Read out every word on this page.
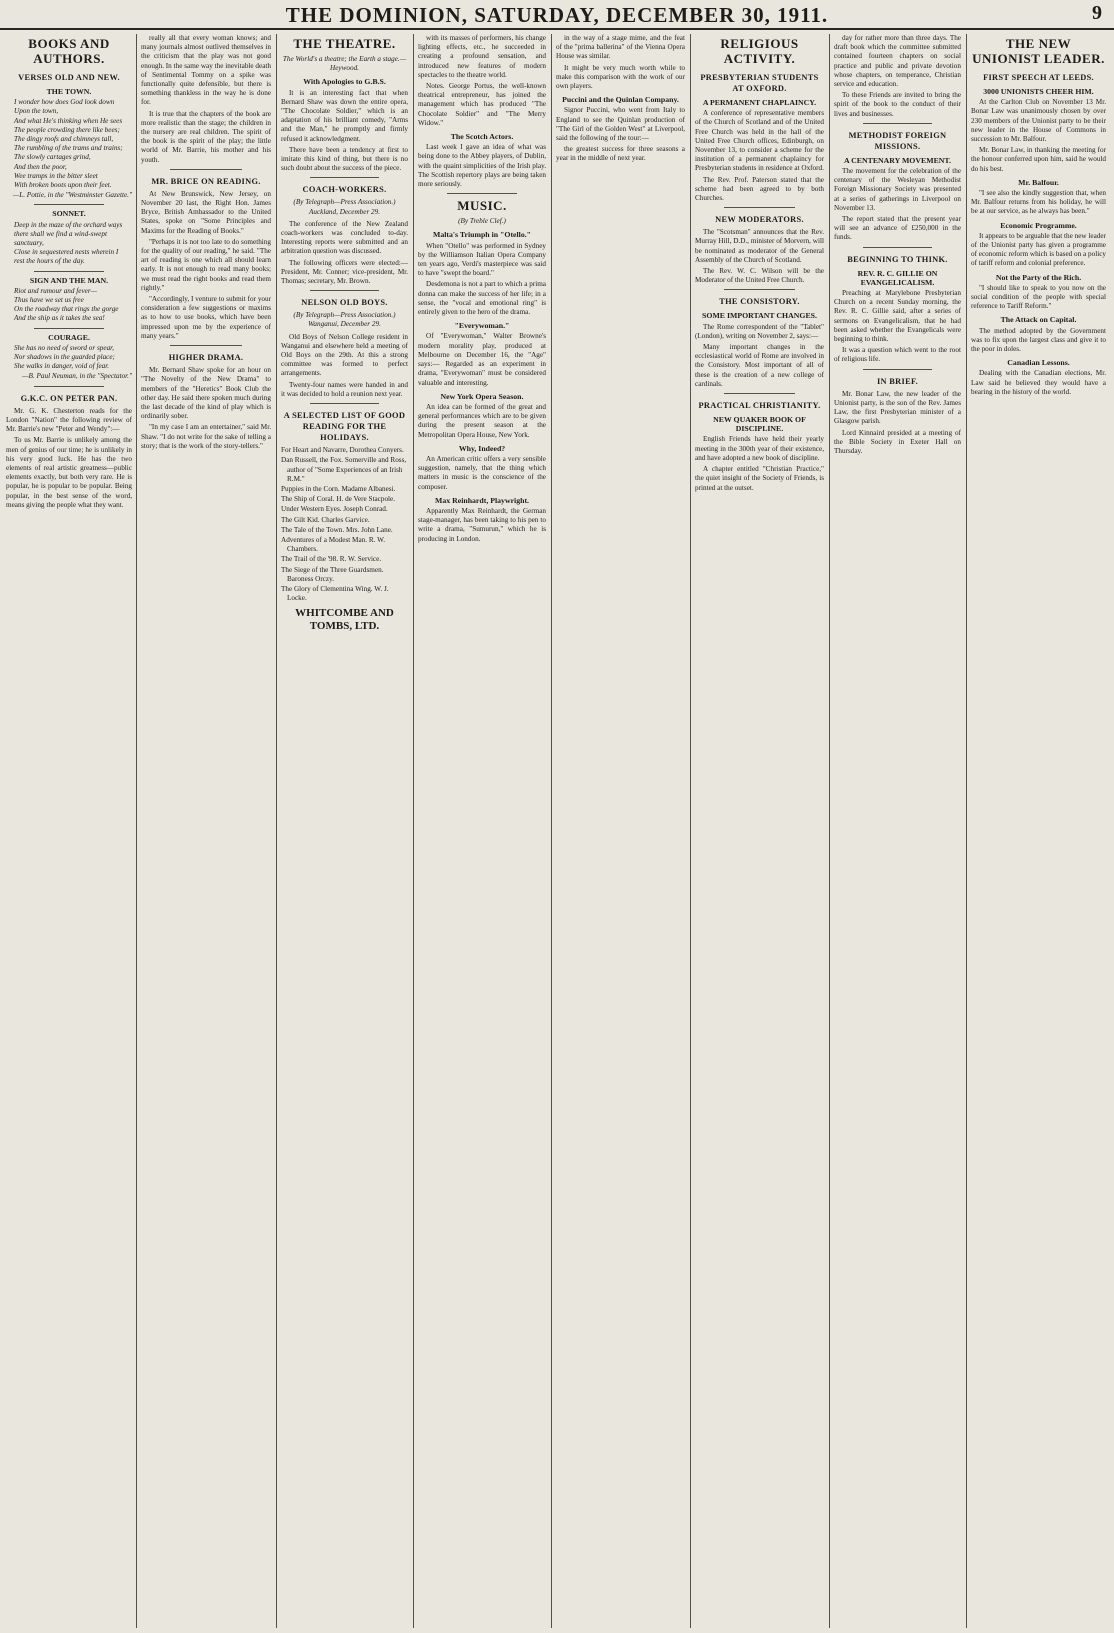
THE DOMINION, SATURDAY, DECEMBER 30, 1911.	9
BOOKS AND AUTHORS.
VERSES OLD AND NEW.
THE TOWN.
I wonder how does God look down
Upon the town,
And what He's thinking when He sees
The people crowding there like bees;
The dingy roofs and chimneys tall,
The rumbling of the trams and trains;
The slowly cartages grind,
And then the poor,
Wee tramps in the bitter sleet
With broken boots upon their feet.
—L. Pottie, in the "Westminster Gazette."
SONNET.
Deep in the maze of the orchard ways
there shall we find a wind-swept
sanctuary,
Close in sequestered nests wherein I
rest the hours of the day.
SIGN AND THE MAN.
Riot and rumour and fever—
Thus have we set us free
On the roadway that rings the gorge
And the ship as it takes the sea!
COURAGE.
She has no need of sword or spear,
Nor shadows in the guarded place;
She walks in danger, void of fear.
—B. Paul Neuman, in the "Spectator."
G.K.C. ON PETER PAN.

Mr. G. K. Chesterton reads for the London "Nation" the following review of Mr. Barrie's new "Peter and Wendy":—

To us Mr. Barrie is unlikely among the men of genius of our time; he is unlikely in his very good luck. He has the two elements of real artistic greatness—public elements exactly, but both very rare. He is popular, he is popular to be popular. Being popular, in the best sense of the word, means giving the people what they want.

really all that every woman knows; and many journals almost outlived themselves in the criticism that the play was not good enough. In the same way the inevitable death of Sentimental Tommy on a spike was functionally quite defensible, but there is something thankless in the way he is done for.

It is true that the chapters of the book are more realistic than the stage; the children in the nursery are real children. The spirit of the book is the spirit of the play; the little world of Mr. Barrie, his mother and his youth.

MR. BRICE ON READING.

At New Brunswick, New Jersey, on November 20 last, the Right Hon. James Bryce, British Ambassador to the United States, spoke on "Some Principles and Maxims for the Reading of Books."

"Perhaps it is not too late to do something for the quality of our reading," he said. "The art of reading is one which all should learn early. It is not enough to read many books; we must read the right books and read them rightly."

"Accordingly, I venture to submit for your consideration a few suggestions or maxims as to how to use books, which have been impressed upon me by the experience of many years."

HIGHER DRAMA.

Mr. Bernard Shaw spoke for an hour on "The Novelty of the New Drama" to members of the "Heretics" Book Club the other day. He said there spoken much during the last decade of the kind of play which is ordinarily sober.

"In my case I am an entertainer," said Mr. Shaw. "I do not write for the sake of telling a story; that is the work of the story-tellers."

THE THEATRE.
The World's a theatre; the Earth a stage.—Heywood.
With Apologies to G.B.S.

It is an interesting fact that when Bernard Shaw was down the entire opera, "The Chocolate Soldier," which is an adaptation of his brilliant comedy, "Arms and the Man," he promptly and firmly refused it acknowledgment.

There have been a tendency at first to imitate this kind of thing, but there is no such doubt about the success of the piece.

COACH-WORKERS.
(By Telegraph—Press Association.) Auckland, December 29.

The conference of the New Zealand coach-workers was concluded to-day. Interesting reports were submitted and an arbitration question was discussed.

The following officers were elected:— President, Mr. Conner; vice-president, Mr. Thomas; secretary, Mr. Brown.

NELSON OLD BOYS.
(By Telegraph—Press Association.) Wanganui, December 29.

Old Boys of Nelson College resident in Wanganui and elsewhere held a meeting of Old Boys on the 29th. At this a strong committee was formed to perfect arrangements.

Twenty-four names were handed in and it was decided to hold a reunion next year.

A SELECTED LIST OF GOOD READING FOR THE HOLIDAYS.
For Heart and Navarre, Dorothea Conyers.
Dan Russell, the Fox. Somerville and Ross, author of "Some Experiences of an Irish R.M."
Puppies in the Corn. Madame Albanesi.
The Ship of Coral. H. de Vere Stacpole.
Under Western Eyes. Joseph Conrad.
The Gilt Kid. Charles Garvice.
The Tale of the Town. Mrs. John Lane.
Adventures of a Modest Man. R. W. Chambers.
The Trail of the '98. R. W. Service.
The Siege of the Three Guardsmen. Baroness Orczy.
The Glory of Clementina Wing. W. J. Locke.
WHITCOMBE AND TOMBS, LTD.

with its masses of performers, his change lighting effects, etc., he succeeded in creating a profound sensation, and introduced new features of modern spectacles to the theatre world.

Notes. George Portus, the well-known theatrical entrepreneur, has joined the management which has produced "The Chocolate Soldier" and "The Merry Widow."

The Scotch Actors.

Last week I gave an idea of what was being done to the Abbey players, of Dublin, with the quaint simplicities of the Irish play. The Scottish repertory plays are being taken more seriously.

MUSIC.
(By Treble Clef.)
Malta's Triumph in "Otello."

When "Otello" was performed in Sydney by the Williamson Italian Opera Company ten years ago, Verdi's masterpiece was said to have "swept the board."

Desdemona is not a part to which a prima donna can make the success of her life; in a sense, the "vocal and emotional ring" is entirely given to the hero of the drama.

"Everywoman."

Of "Everywoman," Walter Browne's modern morality play, produced at Melbourne on December 16, the "Age" says:— Regarded as an experiment in drama, "Everywoman" must be considered valuable and interesting.

New York Opera Season.

An idea can be formed of the great and general performances which are to be given during the present season at the Metropolitan Opera House, New York.

Why, Indeed?

An American critic offers a very sensible suggestion, namely, that the thing which matters in music is the conscience of the composer.

Max Reinhardt, Playwright.

Apparently Max Reinhardt, the German stage-manager, has been taking to his pen to write a drama, "Sumurun," which he is producing in London.

in the way of a stage mime, and the feat of the "prima ballerina" of the Vienna Opera House was similar.

It might be very much worth while to make this comparison with the work of our own players.

Puccini and the Quinlan Company.

Signor Puccini, who went from Italy to England to see the Quinlan production of "The Girl of the Golden West" at Liverpool, said the following of the tour:—

the greatest success for three seasons a year in the middle of next year.

RELIGIOUS ACTIVITY.
PRESBYTERIAN STUDENTS AT OXFORD.
A PERMANENT CHAPLAINCY.

A conference of representative members of the Church of Scotland and of the United Free Church was held in the hall of the United Free Church offices, Edinburgh, on November 13, to consider a scheme for the institution of a permanent chaplaincy for Presbyterian students in residence at Oxford.

The Rev. Prof. Paterson stated that the scheme had been agreed to by both Churches.

NEW MODERATORS.

The "Scotsman" announces that the Rev. Murray Hill, D.D., minister of Morvern, will be nominated as moderator of the General Assembly of the Church of Scotland.

The Rev. W. C. Wilson will be the Moderator of the United Free Church.

THE CONSISTORY.
SOME IMPORTANT CHANGES.

The Rome correspondent of the "Tablet" (London), writing on November 2, says:—

Many important changes in the ecclesiastical world of Rome are involved in the Consistory. Most important of all of these is the creation of a new college of cardinals.

PRACTICAL CHRISTIANITY.
NEW QUAKER BOOK OF DISCIPLINE.

English Friends have held their yearly meeting in the 300th year of their existence, and have adopted a new book of discipline.

A chapter entitled "Christian Practice," the quiet insight of the Society of Friends, is printed at the outset.

day for rather more than three days. The draft book which the committee submitted contained fourteen chapters on social practice and public and private devotion whose chapters, on temperance, Christian service and education.

To these Friends are invited to bring the spirit of the book to the conduct of their lives and businesses.

METHODIST FOREIGN MISSIONS.
A CENTENARY MOVEMENT.

The movement for the celebration of the centenary of the Wesleyan Methodist Foreign Missionary Society was presented at a series of gatherings in Liverpool on November 13.

The report stated that the present year will see an advance of £250,000 in the funds.

BEGINNING TO THINK.
REV. R. C. GILLIE ON EVANGELICALISM.

Preaching at Marylebone Presbyterian Church on a recent Sunday morning, the Rev. R. C. Gillie said, after a series of sermons on Evangelicalism, that he had been asked whether the Evangelicals were beginning to think.

It was a question which went to the root of religious life.

IN BRIEF.

Mr. Bonar Law, the new leader of the Unionist party, is the son of the Rev. James Law, the first Presbyterian minister of a Glasgow parish.

Lord Kinnaird presided at a meeting of the Bible Society in Exeter Hall on Thursday.

THE NEW UNIONIST LEADER.
FIRST SPEECH AT LEEDS.
3000 UNIONISTS CHEER HIM.

At the Carlton Club on November 13 Mr. Bonar Law was unanimously chosen by over 230 members of the Unionist party to be their new leader in the House of Commons in succession to Mr. Balfour.

Mr. Bonar Law, in thanking the meeting for the honour conferred upon him, said he would do his best.

Mr. Balfour.

"I see also the kindly suggestion that, when Mr. Balfour returns from his holiday, he will be at our service, as he always has been."

Economic Programme.

It appears to be arguable that the new leader of the Unionist party has given a programme of economic reform which is based on a policy of tariff reform and colonial preference.

Not the Party of the Rich.

"I should like to speak to you now on the social condition of the people with special reference to Tariff Reform."

The Attack on Capital.

The method adopted by the Government was to fix upon the largest class and give it to the poor in doles.

Canadian Lessons.

Dealing with the Canadian elections, Mr. Law said he believed they would have a bearing in the history of the world.
